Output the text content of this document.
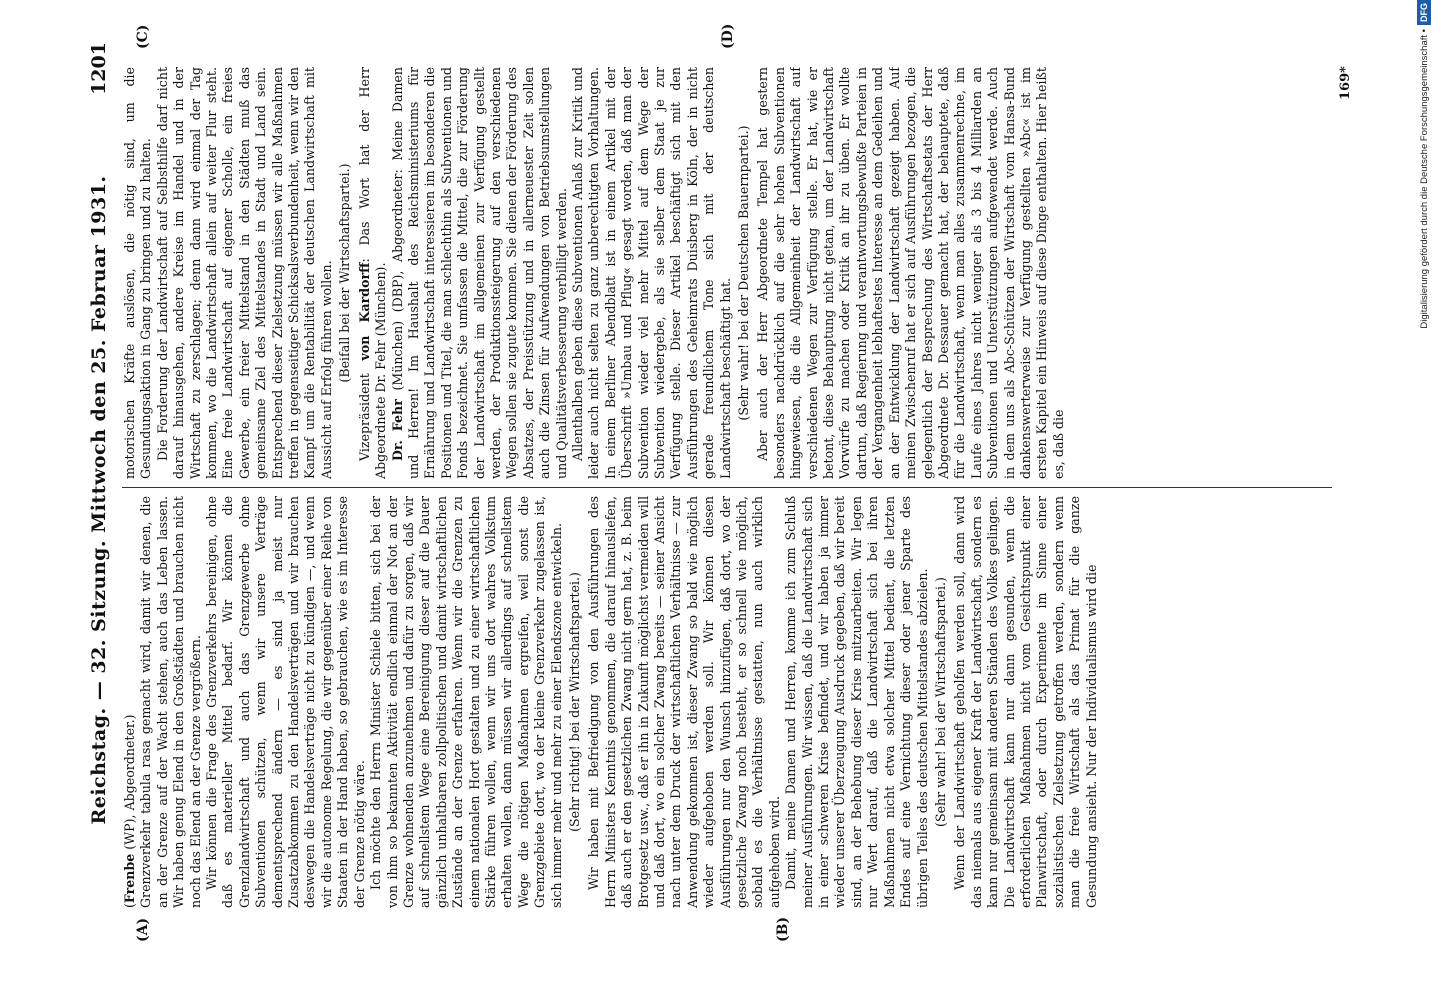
Reichstag. — 32. Sitzung. Mittwoch den 25. Februar 1931.
1201
(A)	(B)
(C)	(D)

(Frenbe (WP), Abgeordneter.) Grenzverkehr tabula rasa gemacht wird, damit wir denen, die an der Grenze auf der Wacht stehen, auch das Leben lassen. Wir haben genug Elend in den Großstädten und brauchen nicht noch das Elend an der Grenze vergrößern. Wir können die Frage des Grenzverkehrs bereinigen, ohne daß es materieller Mittel bedarf. Wir können die Grenzlandwirtschaft und auch das Grenzgewerbe ohne Subventionen schützen, wenn wir unsere Verträge dementsprechend ändern — es sind ja meist nur Zusatzabkommen zu den Handelsverträgen und wir brauchen deswegen die Handelsverträge nicht zu kündigen —, und wenn wir die autonome Regelung, die wir gegenüber einer Reihe von Staaten in der Hand haben, so gebrauchen, wie es im Interesse der Grenze nötig wäre. Ich möchte den Herrn Minister Schiele bitten, sich bei der von ihm so bekannten Aktivität endlich einmal der Not an der Grenze wohnenden anzunehmen und dafür zu sorgen, daß wir auf schnellstem Wege eine Bereinigung dieser auf die Dauer gänzlich unhaltbaren zollpolitischen und damit wirtschaftlichen Zustände an der Grenze erfahren. Wenn wir die Grenzen zu einem nationalen Hort gestalten und zu einer wirtschaftlichen Stärke führen wollen, wenn wir uns dort wahres Volkstum erhalten wollen, dann müssen wir allerdings auf schnellstem Wege die nötigen Maßnahmen ergreifen, weil sonst die Grenzgebiete dort, wo der kleine Grenzverkehr zugelassen ist, sich immer mehr und mehr zu einer Elendszone entwickeln. (Sehr richtig! bei der Wirtschaftspartei.) Wir haben mit Befriedigung von den Ausführungen des Herrn Ministers Kenntnis genommen, die darauf hinausliefen, daß auch er den gesetzlichen Zwang nicht gern hat, z. B. beim Brotgesetz usw., daß er ihn in Zukunft möglichst vermeiden will und daß dort, wo ein solcher Zwang bereits — seiner Ansicht nach unter dem Druck der wirtschaftlichen Verhältnisse — zur Anwendung gekommen ist, dieser Zwang so bald wie möglich wieder aufgehoben werden soll. Wir können diesen Ausführungen nur den Wunsch hinzufügen, daß dort, wo der gesetzliche Zwang noch besteht, er so schnell wie möglich, sobald es die Verhältnisse gestatten, nun auch wirklich aufgehoben wird. Damit, meine Damen und Herren, komme ich zum Schluß meiner Ausführungen. Wir wissen, daß die Landwirtschaft sich in einer schweren Krise befindet, und wir haben ja immer wieder unserer Überzeugung Ausdruck gegeben, daß wir bereit sind, an der Behebung dieser Krise mitzuarbeiten. Wir legen nur Wert darauf, daß die Landwirtschaft sich bei ihren Maßnahmen nicht etwa solcher Mittel bedient, die letzten Endes auf eine Vernichtung dieser oder jener Sparte des übrigen Teiles des deutschen Mittelstandes abzielen. (Sehr wahr! bei der Wirtschaftspartei.) Wenn der Landwirtschaft geholfen werden soll, dann wird das niemals aus eigener Kraft der Landwirtschaft, sondern es kann nur gemeinsam mit anderen Ständen des Volkes gelingen. Die Landwirtschaft kann nur dann gesunden, wenn die erforderlichen Maßnahmen nicht vom Gesichtspunkt einer Planwirtschaft, oder durch Experimente im Sinne einer sozialistischen Zielsetzung getroffen werden, sondern wenn man die freie Wirtschaft als das Primat für die ganze Gesundung ansieht. Nur der Individualismus wird die

motorischen Kräfte auslösen, die nötig sind, um die Gesundungsaktion in Gang zu bringen und zu halten. Die Forderung der Landwirtschaft auf Selbsthilfe darf nicht darauf hinausgehen, andere Kreise im Handel und in der Wirtschaft zu zerschlagen; denn dann wird einmal der Tag kommen, wo die Landwirtschaft allein auf weiter Flur steht. Eine freie Landwirtschaft auf eigener Scholle, ein freies Gewerbe, ein freier Mittelstand in den Städten muß das gemeinsame Ziel des Mittelstandes in Stadt und Land sein. Entsprechend dieser Zielsetzung müssen wir alle Maßnahmen treffen in gegenseitiger Schicksalsverbundenheit, wenn wir den Kampf um die Rentabilität der deutschen Landwirtschaft mit Aussicht auf Erfolg führen wollen. (Beifall bei der Wirtschaftspartei.)

Vizepräsident von Kardorff: Das Wort hat der Herr Abgeordnete Dr. Fehr (München). Dr. Fehr (München) (DBP), Abgeordneter: Meine Damen und Herren! Im Haushalt des Reichsministeriums für Ernährung und Landwirtschaft interessieren im besonderen die Positionen und Titel, die man schlechthin als Subventionen und Fonds bezeichnet. Sie umfassen die Mittel, die zur Förderung der Landwirtschaft im allgemeinen zur Verfügung gestellt werden, der Produktionssteigerung auf den verschiedenen Wegen sollen sie zugute kommen. Sie dienen der Förderung des Absatzes, der Preisstützung und in allerneuester Zeit sollen auch die Zinsen für Aufwendungen von Betriebsumstellungen und Qualitätsverbesserung verbilligt werden. Allenthalben geben diese Subventionen Anlaß zur Kritik und leider auch nicht selten zu ganz unberechtigten Vorhaltungen. In einem Berliner Abendblatt ist in einem Artikel mit der Überschrift »Umbau und Pflug« gesagt worden, daß man der Subvention wieder viel mehr Mittel auf dem Wege der Subvention wiedergebe, als sie selber dem Staat je zur Verfügung stelle. Dieser Artikel beschäftigt sich mit den Ausführungen des Geheimrats Duisberg in Köln, der in nicht gerade freundlichem Tone sich mit der deutschen Landwirtschaft beschäftigt hat. (Sehr wahr! bei der Deutschen Bauernpartei.) Aber auch der Herr Abgeordnete Tempel hat gestern besonders nachdrücklich auf die sehr hohen Subventionen hingewiesen, die die Allgemeinheit der Landwirtschaft auf verschiedenen Wegen zur Verfügung stelle. Er hat, wie er betont, diese Behauptung nicht getan, um der Landwirtschaft Vorwürfe zu machen oder Kritik an ihr zu üben. Er wollte dartun, daß Regierung und verantwortungsbewußte Parteien in der Vergangenheit lebhaftestes Interesse an dem Gedeihen und an der Entwicklung der Landwirtschaft gezeigt haben. Auf meinen Zwischenruf hat er sich auf Ausführungen bezogen, die gelegentlich der Besprechung des Wirtschaftsetats der Herr Abgeordnete Dr. Dessauer gemacht hat, der behauptete, daß für die Landwirtschaft, wenn man alles zusammenrechne, im Laufe eines Jahres nicht weniger als 3 bis 4 Milliarden an Subventionen und Unterstützungen aufgewendet werde. Auch in dem uns als Abc-Schützen der Wirtschaft vom Hansa-Bund dankenswerterweise zur Verfügung gestellten »Abc« ist im ersten Kapitel ein Hinweis auf diese Dinge enthalten. Hier heißt es, daß die

169*	Digitalisierung gefördert durch die Deutsche Forschungsgemeinschaft •DFG
